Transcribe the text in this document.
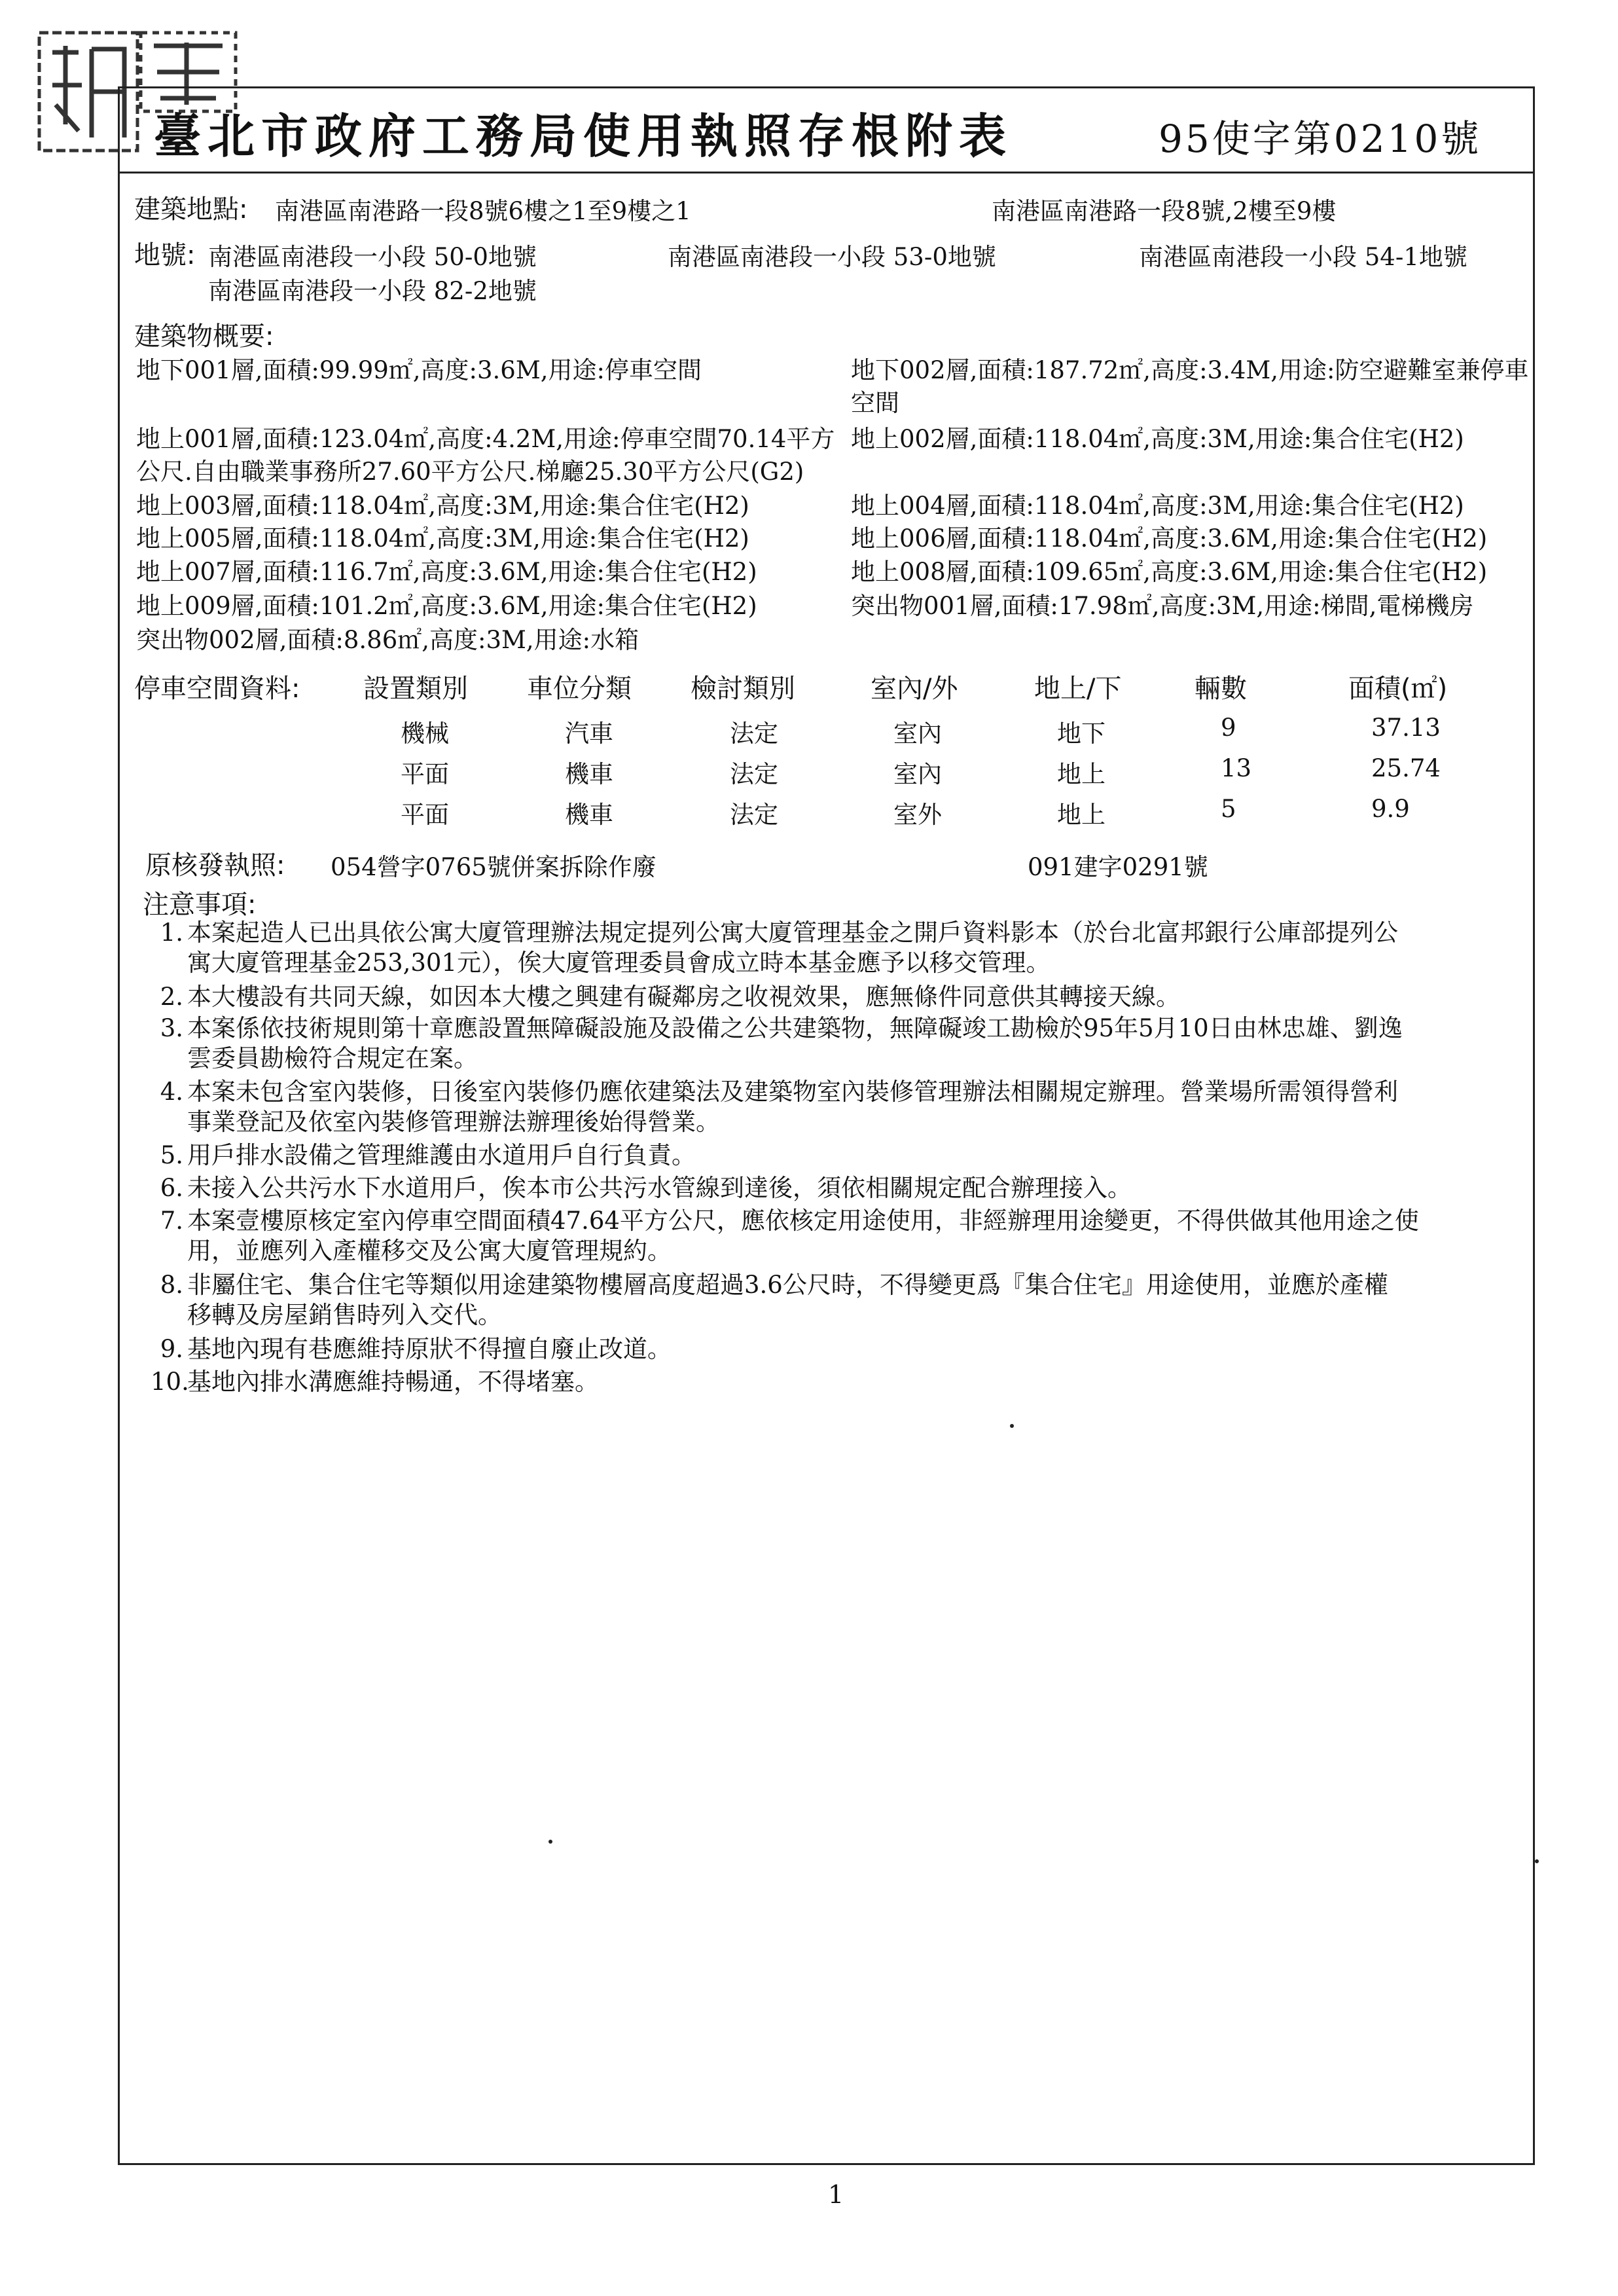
臺北市政府工務局使用執照存根附表	95使字第0210號
建築地點: 南港區南港路一段8號6樓之1至9樓之1	南港區南港路一段8號,2樓至9樓
地號: 南港區南港段一小段 50-0地號	南港區南港段一小段 53-0地號	南港區南港段一小段 54-1地號
南港區南港段一小段 82-2地號
建築物概要:
地下001層,面積:99.99㎡,高度:3.6M,用途:停車空間
地上001層,面積:123.04㎡,高度:4.2M,用途:停車空間70.14平方
公尺.自由職業事務所27.60平方公尺.梯廳25.30平方公尺(G2)
地上003層,面積:118.04㎡,高度:3M,用途:集合住宅(H2)
地上005層,面積:118.04㎡,高度:3M,用途:集合住宅(H2)
地上007層,面積:116.7㎡,高度:3.6M,用途:集合住宅(H2)
地上009層,面積:101.2㎡,高度:3.6M,用途:集合住宅(H2)
突出物002層,面積:8.86㎡,高度:3M,用途:水箱
地下002層,面積:187.72㎡,高度:3.4M,用途:防空避難室兼停車
空間
地上002層,面積:118.04㎡,高度:3M,用途:集合住宅(H2)
地上004層,面積:118.04㎡,高度:3M,用途:集合住宅(H2)
地上006層,面積:118.04㎡,高度:3.6M,用途:集合住宅(H2)
地上008層,面積:109.65㎡,高度:3.6M,用途:集合住宅(H2)
突出物001層,面積:17.98㎡,高度:3M,用途:梯間,電梯機房
停車空間資料: 設置類別 車位分類 檢討類別	室內/外	地上/下	輛數	面積(㎡)
機械	汽車	法定	室內	地下	9	37.13
平面	機車	法定	室內	地上	13	25.74
平面	機車	法定	室外	地上	5	9.9
原核發執照: 054營字0765號併案拆除作廢	091建字0291號
注意事項:
1. 本案起造人已出具依公寓大廈管理辦法規定提列公寓大廈管理基金之開戶資料影本（於台北富邦銀行公庫部提列公
寓大廈管理基金253,301元），俟大廈管理委員會成立時本基金應予以移交管理。
2. 本大樓設有共同天線，如因本大樓之興建有礙鄰房之收視效果，應無條件同意供其轉接天線。
3. 本案係依技術規則第十章應設置無障礙設施及設備之公共建築物，無障礙竣工勘檢於95年5月10日由林忠雄、劉逸
雲委員勘檢符合規定在案。
4. 本案未包含室內裝修，日後室內裝修仍應依建築法及建築物室內裝修管理辦法相關規定辦理。營業場所需領得營利
事業登記及依室內裝修管理辦法辦理後始得營業。
5. 用戶排水設備之管理維護由水道用戶自行負責。
6. 未接入公共污水下水道用戶，俟本市公共污水管線到達後，須依相關規定配合辦理接入。
7. 本案壹樓原核定室內停車空間面積47.64平方公尺，應依核定用途使用，非經辦理用途變更，不得供做其他用途之使
用，並應列入產權移交及公寓大廈管理規約。
8. 非屬住宅、集合住宅等類似用途建築物樓層高度超過3.6公尺時，不得變更爲『集合住宅』用途使用，並應於產權
移轉及房屋銷售時列入交代。
9. 基地內現有巷應維持原狀不得擅自廢止改道。
10.基地內排水溝應維持暢通，不得堵塞。
1
